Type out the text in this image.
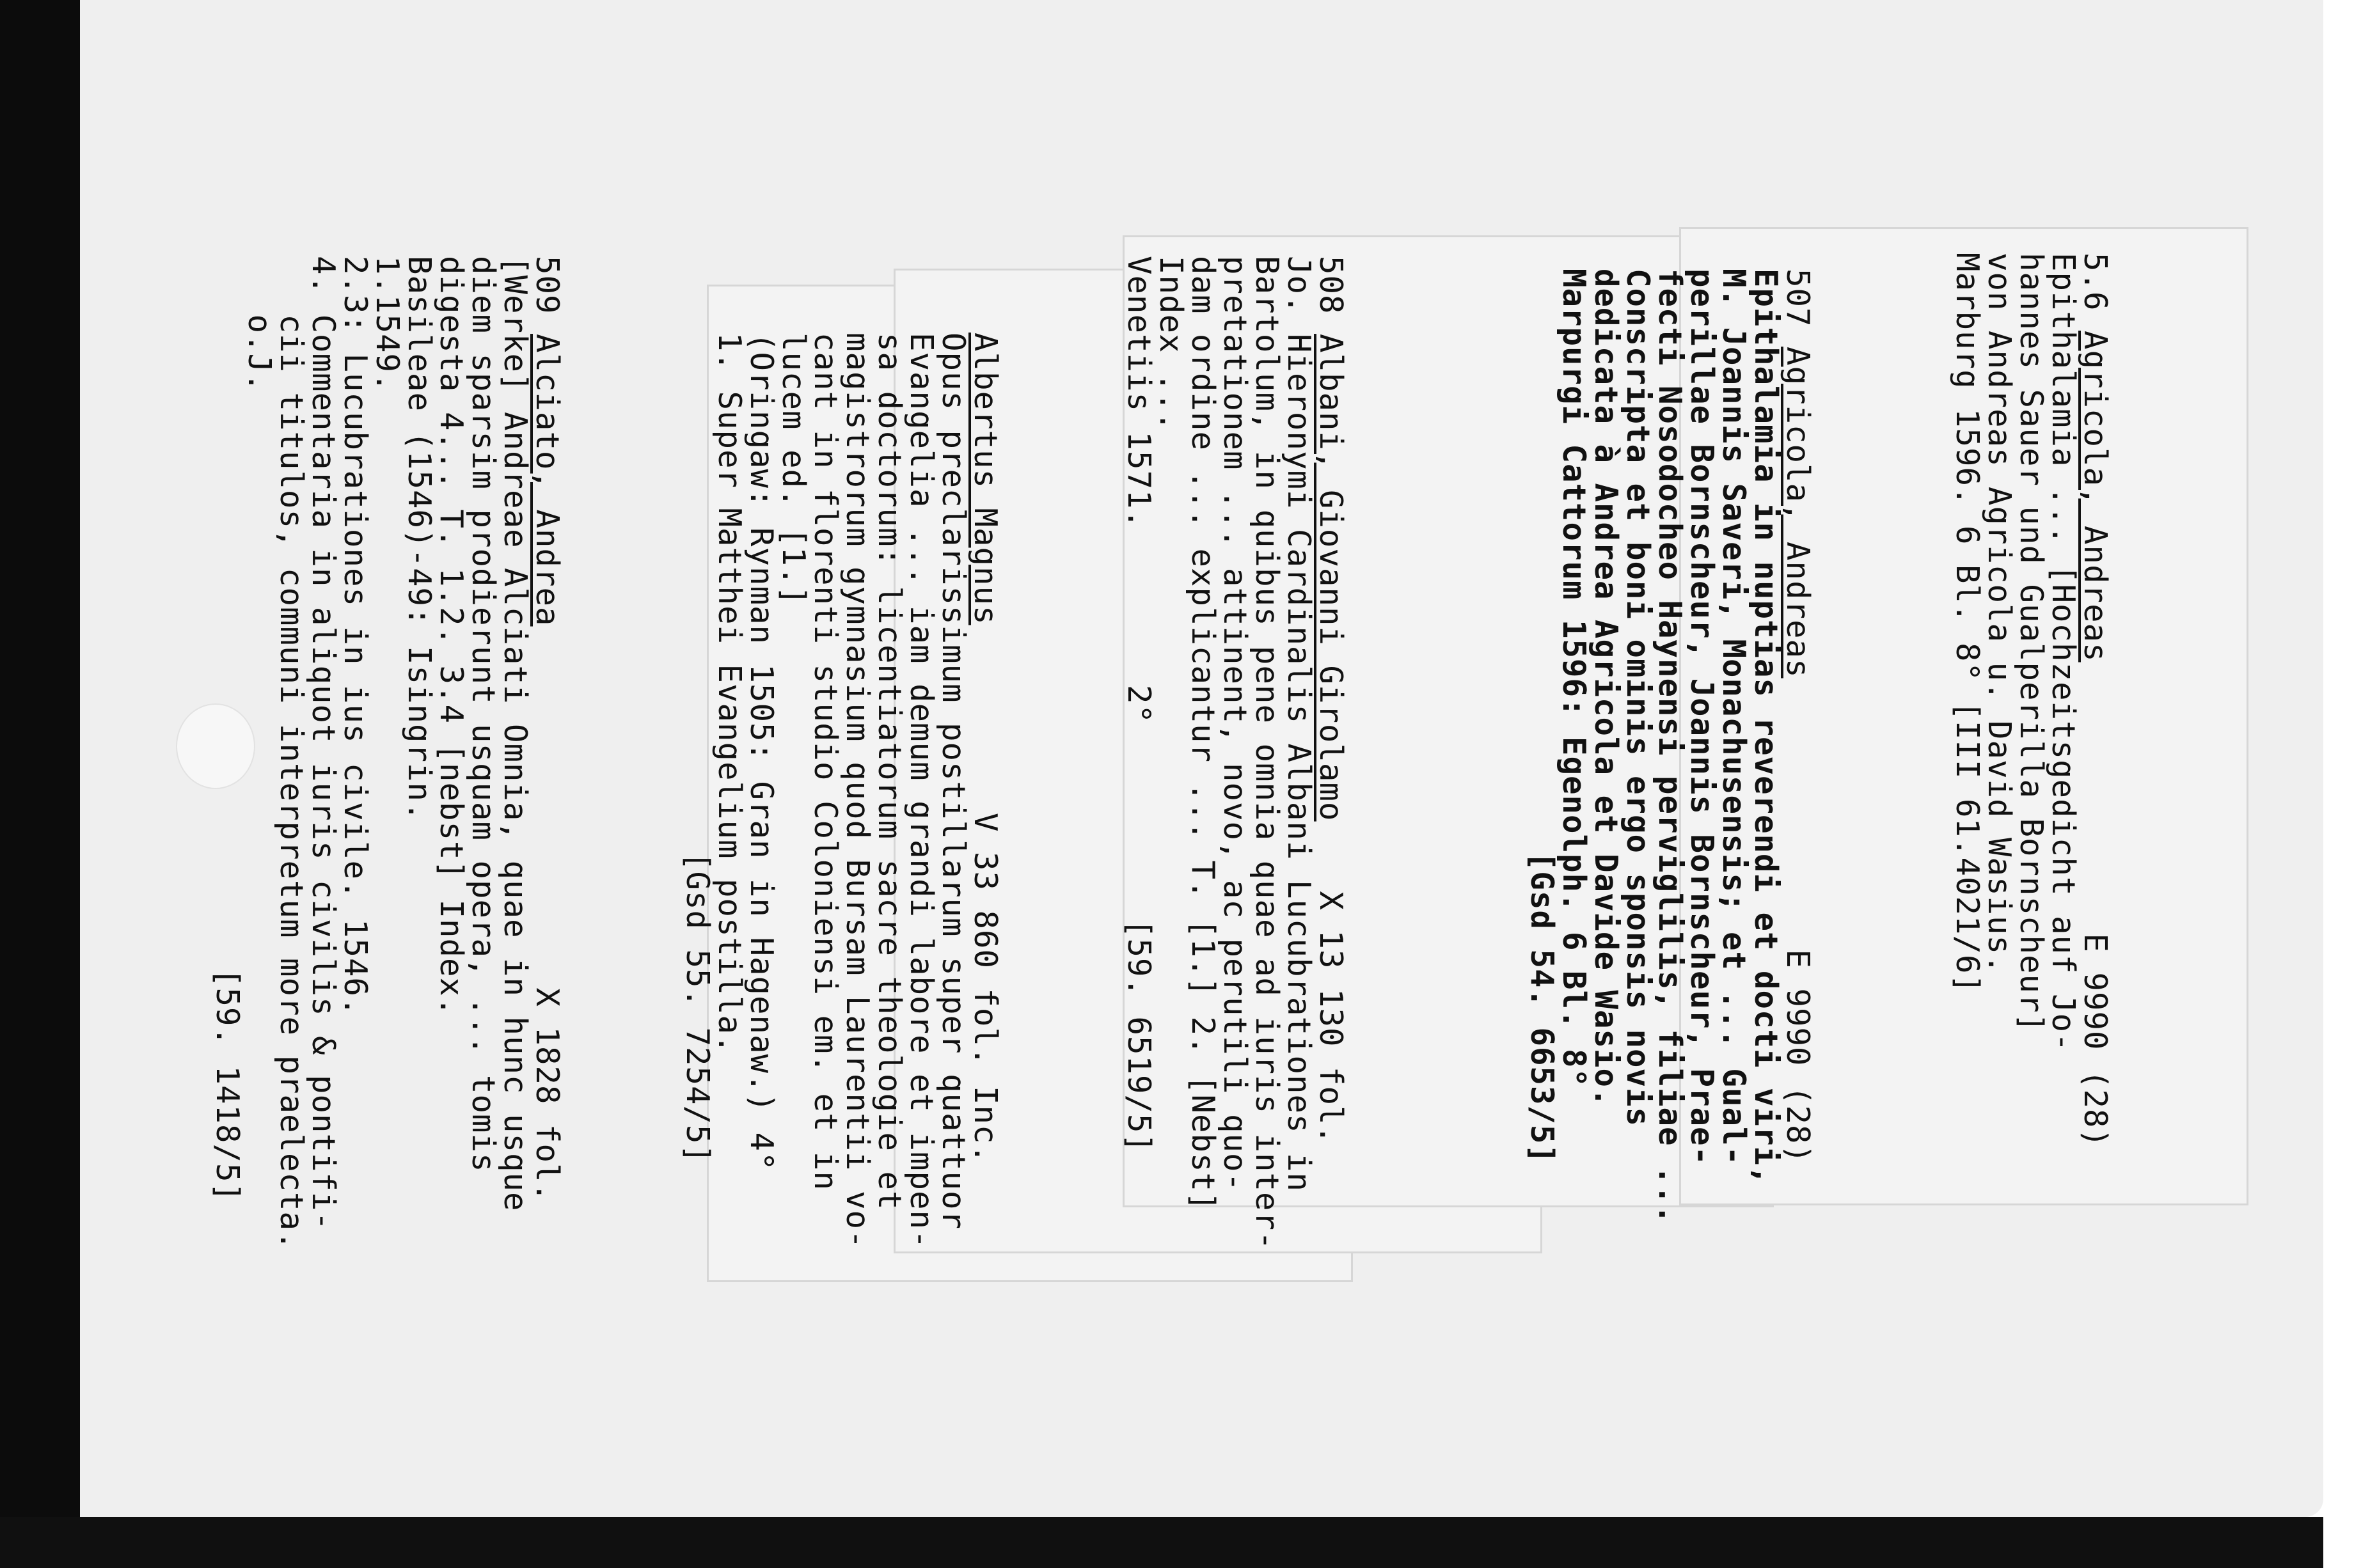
5.6 Agricola, Andreas
E 9990 (28)
Epithalamia ... [Hochzeitsgedicht auf Jo-
hannes Sauer und Gualperilla Bornscheur]
von Andreas Agricola u. David Wasius.
Marburg 1596. 6 Bl. 8° [III 61.4021/6]
507 Agricola, Andreas
E 9990 (28)
Epithalamia in nuptias reverendi et docti viri,
M. Joannis Saveri, Monachusensis; et ... Gual-
perillae Bornscheur, Joannis Bornscheur, Prae-
fecti Nosodocheo Haynensi perviglilis, filiae ...
Conscripta et boni ominis ergo sponsis novis
dedicata à Andrea Agricola et Davide Wasio.
Marpurgi Cattorum 1596: Egenolph. 6 Bl. 8°
[Gsd 54. 6653/5]
508 Albani, Giovanni Girolamo
X 13 130 fol.
Jo. Hieronymi Cardinalis Albani Lucubrationes in
Bartolum, in quibus pene omnia quae ad iuris inter-
pretationem ... attinent, novo, ac perutili quo-
dam ordine ... explicantur ... T. [1.] 2. [Nebst]
Index ...
Venetiis 1571.        2°          [59. 6519/5]
Albertus Magnus
V 33 860 fol. Inc.
Opus preclarissimum postillarum super quattuor
Evangelia ... iam demum grandi labore et impen-
sa doctorum: licentiatorum sacre theologie et
magistrorum gymnasium quod Bursam Laurentii vo-
cant in florenti studio Coloniensi em. et in
lucem ed. [1.]
(Oringaw: Rynman 1505: Gran in Hagenaw.) 4°
1. Super Matthei Evangelium postilla.
[Gsd 55. 7254/5]
509 Alciato, Andrea
X 1828 fol.
[Werke] Andreae Alciati Omnia, quae in hunc usque
diem sparsim prodierunt usquam opera, ... tomis
digesta 4... T. 1.2. 3.4 [nebst] Index.
Basileae (1546)-49: Isingrin.
1.1549.
2.3: Lucubrationes in ius civile. 1546.
4. Commentaria in aliquot iuris civilis & pontifi-
cii titulos, communi interpretum more praelecta.
o.J.
[59. 1418/5]
